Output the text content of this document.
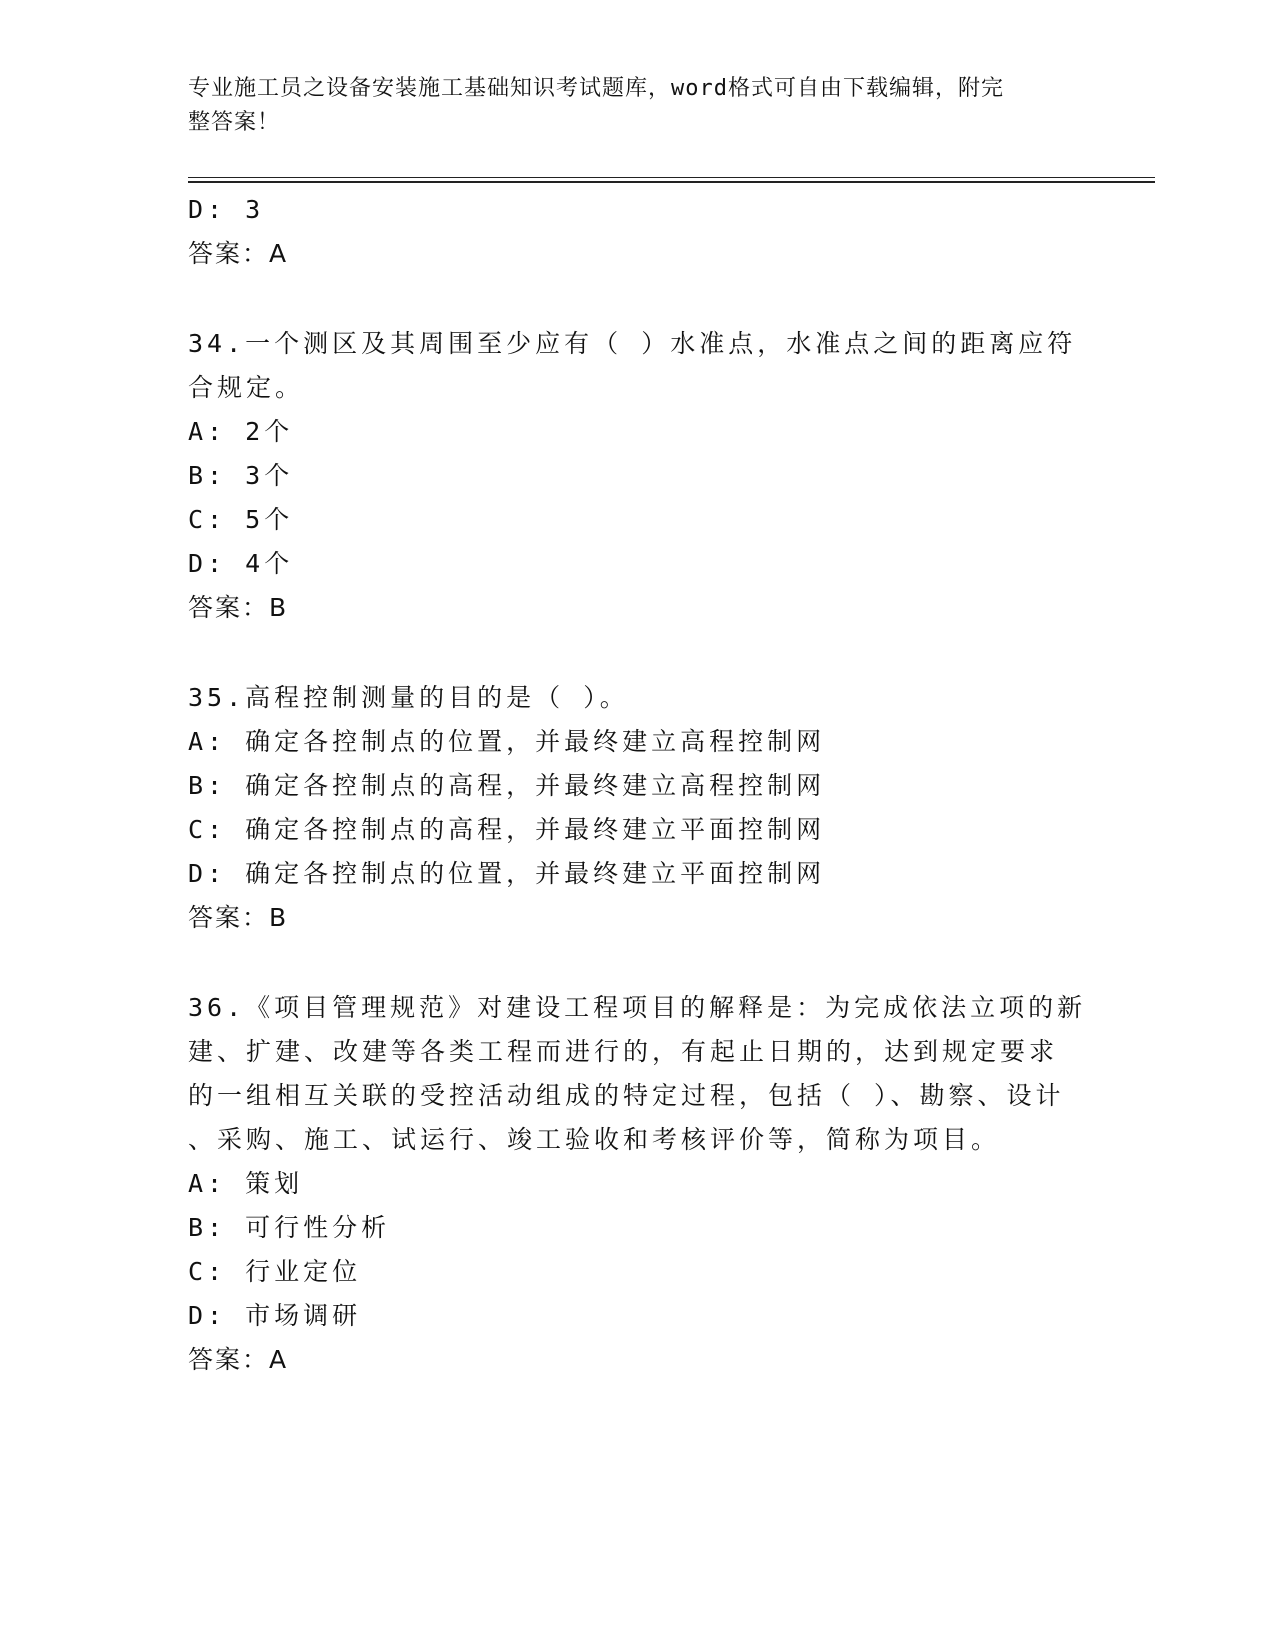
专业施工员之设备安装施工基础知识考试题库，word格式可自由下载编辑，附完
整答案！
D: 3
答案：A
34.一个测区及其周围至少应有（ ）水准点，水准点之间的距离应符
合规定。
A: 2个
B: 3个
C: 5个
D: 4个
答案：B
35.高程控制测量的目的是（ ）。
A: 确定各控制点的位置，并最终建立高程控制网
B: 确定各控制点的高程，并最终建立高程控制网
C: 确定各控制点的高程，并最终建立平面控制网
D: 确定各控制点的位置，并最终建立平面控制网
答案：B
36.《项目管理规范》对建设工程项目的解释是：为完成依法立项的新
建、扩建、改建等各类工程而进行的，有起止日期的，达到规定要求
的一组相互关联的受控活动组成的特定过程，包括（ ）、勘察、设计
、采购、施工、试运行、竣工验收和考核评价等，简称为项目。
A: 策划
B: 可行性分析
C: 行业定位
D: 市场调研
答案：A
